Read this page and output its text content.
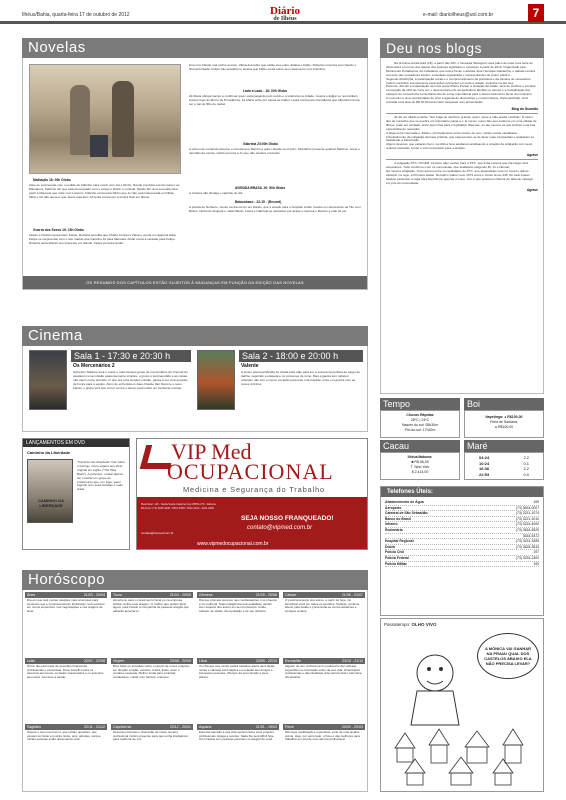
Ilhéus/Bahia, quarta-feira 17 de outubro de 2012	Diário
de Ilhéus
e-mail: diarioilheus@uol.com.br	7
Novelas
Malhação 18: 00h Globo
Alice se surpreende com o pedido de Fabinho para morar com ela e Dinho. Nando convida Lorenzo para ir ao Marcianos. Fabinho diz que está preocupado com o amigo e Dinho o consola. Nando faz uma serenata para pedir a Manuela que volte com Lorenzo. Fabinho conta para Dinho que Jo não está interessada em Nilda. Tabá e Gil não querem que Jesus seja ator. Gil tenta convencer a irmã a ficar em Ilhéus.
Guerra dos Sexos 19: 15h Globo
Otávio e Charlô repreendem Felipe. Roberta acredita que Charlô comprou Vânia e vende em agência falsa. Felipe se surpreende com o seu marido que Caroline foi para Manuela. Analú conta a verdade para Felipe. Roberta tenta distrair seu interesse em Nando. Felipe percebe Analú.
lima com Nando sua verba recente. Vânia descobre que estão eles entre Juliana e Fábio. Roberta conversa com Nando e fica perturbada. Felipe não acredita no boatos que Fábio conta sobre seu casamento com Carolina.
Lado a Lado - 18: 00h Globo
Zé Maria obriga Caniço a confirmar quem está pagando pelo tecido e a violência na cidade. Guerra e Edgar se reconciliam. Caniço fogo do Morro da Providência. Zé Maria sofre por causa de Isabel. Laura conta para Constância que Albertinho tenta ser o pai do filho de Isabel.
Gabriela 23:00h Globo
A ordem de comando assume e Gerusa que Ramiro é quem decide seu futuro. Mundinho presente quebrar Malvina. Jessé e demitido da escola. Glória procura a Jo que não renders conteúdo.
AVENIDA BRASIL 20: 50h Globo
A criatura não divulga o capítulo do dia
Balacobaco - 22:15 - (Record)
A polícia de Norberto, Gente centra na rim em Danilo, que é levado para o hospital. Arthur recebe um documento de Tito com Beline. Norberto atropela e mata Danilo. Laura e Gabriela se assustam por acaso e Gerusa e Ramiro a criar lei ser.
OS RESUMOS DOS CAPÍTULOS ESTÃO SUJEITOS À MUDANÇAS EM FUNÇÃO DA EDIÇÃO DAS NOVELAS
Cinema
Sala 1 - 17:30 e 20:30 h
Os Mercenários 2
Sylvester Stallone leva o maior e mais famoso grupo de mercenários do cinema! Ao aceitarem uma missão aparentemente simples, o grupo é surpreendido e as coisas não saem como previsto. O que era uma simples missão, passa a ser uma questão de honra para a equipe. Além de enfrentarem Jean-Claude Van Damme e seus bando, o grupo terá que correr contra o tempo para evitar um incidente nuclear.
Sala 2 - 18:00 e 20:00 h
Valente
A jovem princesa Mérida foi criada pela mãe para ser a sucessora perfeita ao cargo de rainha, seguindo a etiqueta e os costumes do reino. Mas a garota tem cabelos rebeldes não tem a menor vocação para este rota traçada, entre em guerra com as povos vizinhos.
LANÇAMENTOS EM DVD
Caminho da Liberdade
CAMINHO DA LIBERDADE
"Caminho da Liberdade" traz sobre o inimigo, como sugere seu título original em inglês ("The Way Back"). A princípio, o ideal parece ser mostrar um grupo de prisioneiros que, em fuga, saem fugindo com suas famílias e suas vidas.
VIP Med
OCUPACIONAL
Medicina e Segurança do Trabalho
Rua Fleuri, 123 - Santa Santa Catarina Cep 45653-470 - Itabuna-BA Fone: (73) 3025-4300 / 3601-6350 / 3612-4100 - 3221-2000
contato@vipmed.com.br
SEJA NOSSO FRANQUEADO!
contato@vipmed.com.br
www.vipmedocupacional.com.br
Horóscopo
Áries	21/03 - 20/04
Dia em que terá muitas relações mais amorosas para possíveis que e compreendendo. Entretanto, terá sucesso em novos empenhos, nas negociações e nas viagens de lazer.
Touro	21/04 - 20/05
Há terreno para o crescimento fiscal ou na empresa festiva, tenha mais aragem. O melhor que podem fazer agora, para buscar a companhia de pessoas amigas que saberão apreciar-lo.
Gêmeos	21/05 - 20/06
Dia que promete sucesso nas manifestações, nos projetos e na melhoria. Suas inteligência terá qualidade, devido bom aspecto dos astros em seu horóscopo. Cuide, todavia, de saúde, da reputação e de seu dinheiro.
Câncer	21/06 - 21/07
O posicionamento dos astros, a partir de hoje, irá beneficiar você em todos os sentidos. Todavia, continue atento pela saúde e prevenindo-se contra acidentes e inimigos ocultos.
Leão	22/07 - 22/08
Ótimo dia para tratar de questões financeiras, profissionais e executivas. Fluxo benéfico para os assuntos amorosos, os ideais ocasionados e os assuntos amorosos. Aumente a saúde.
Virgem	23/08 - 22/09
Bom fazer ou sucedido sobre o estudo de novos projetos, em direção venção, estudos, testes, listas, amor e contatos pessoais. Melhor ainda para contratar vendedores, cuidar com bancos, endosso.
Libra	23/09 - 22/10
Um dia que sua mente estará bastante alerta para idéias novas e valiosas informações em relação aos amigos e interesses pessoais. Oferece da sua intuição e seus planos.
Escorpião	23/10 - 21/11
Alguém do seu conhecimento poderá lhe dar valiosas sugestões na orientação sobre da sua vida. Orientações profissionais e das idealistas vida sentimental e harmonia domésticos.
Sagitário	22/11 - 21/12
Supere o seu mau humor, que evitam questões, que possam terminar em atrás. Evite, pois, atitudes, porque muitas pessoas estão observando você.
Capricórnio	22/12 - 20/01
Pessoas próximas e chamarão de nosso social e profissional místico presente para que tenha inteligência para melhorar de vez.
Aquário	21/01 - 19/02
Especial atenção a sua vida sentimental e seus projetos profissionais. Esteja a receber. Nada lhe será difícil hoje. Os contatos com pessoas permitem conseguir de você.
Peixe	20/02 - 20/03
Não faça modificações repentinas, evite de uma análise prévia. Hoje, por outro lado, o fluxo é das melhores para trabalhar em prol de sua carreira profissional.
Deu nos blogs
Na próxima quinta-feira (18), a partir das 20h, o Vereador Bobeguim será palco de mais uma série de discussões em torno dos apoios dos poderes legislativo e executivo a partir de 2013. Organizado pelo Movimento Portalsenior da Cidadania, que terá a frente o ativista José Henrique Ataídenha, o debate reunirá cerca de dez vereadores eleitos, sociedade organizada e representantes do poder público.
Segundo Abobrinha, a participação social e o comprometimento da prefeitura e da câmara de vereadores podem contribuir imensamente para ações referentes em toda a cidade, inclusive na até sua.
Para ele, discutir a implantação da nova ponte Ilhéus-Pontal, a situação da saúde, taxa de creches e escolas, concepção da UPA do zona sul, o desenvolvimento da agricultura familiar no campo e a revitalização dos espaços de convivência comunitária são de suma importância para o desenvolvimento pleno do município.
O encontro é uma oportunidade de criar a agenda de discussões e compromissos. Para participar, será cobrada uma taxa de R$ 30,00 para cobrir despesas com alimentação.
Blog do Gusmão
Já diz um ditado popular: "Em briga de cachorro grande, quem mexe a mão acaba mordido". É trazer tipo de conselho que se quebra um importante papel a o. E mexer, como fato que estamos em uma cidade de Ilhéus, pode ser verdade, entre quem fica para o legislativo Ilheense, ou até mesmo os que tenham uma boa expectativa de reeleição.
A briga entre Carmelita e Juliano, principalmente entre campo de som, várias outras candidatos, principalmente da coligação da base prefeita, que esqueceram-se de fazer suas campanhas e acabaram se dedicando a transcrição.
Alguns deveras, que estavam bem, na última hora acabaram analisando a votação da coligação com seus redutos eleitorais, frente o voto necessário para a eleição.
Agrave
A coligação PTC / PCdoB, irá fazer algo melhor para o PTC, que tinha certeza que iria eleger dois vereadores. Tudo confirmou com os comunistas, que acabaram elegendo Dr. Jó e Nerival.
Na mesma coligação, Tudo somou entre os candidatos do PTC, que desputaram voto no mesmo reduto eleitoral, na rege, a Primeira Isabel. No bairro Juarez teve 1074 votos e Júnior levou 445. No total Juarez acabou perdendo a vaga para Nerival por apenas 4 votos. Isso é que podemos chamar de fatia de rubesgo em prol do comunidade.
Agrave
Tempo
Chuvas Rápidas
28ºC | 24ºC
Nascer do sol: 05h30m
Pôr-do-sol: 17h32m
Boi
Itapetinga: ● R$100,00
Feira de Santana:
● R$100,00
Cacau
Ilhéus/Itabuna:
■ R$ 66,00
T. New York
$ 2.414,00
Maré
04:24	2.2
10:24	0.1
16:36	2.2
22:53	0.0
Telefones Úteis:
Abastecimento de Água	195
Aeroporto	(73) 3634-0007
Catedral de São Sebastião	(73) 3231-1074
Banco do Brasil	(73) 3221-1010
Infraero	(73) 3234-4000
Rodoviária	(73) 3634-5525
3634-5372
Hospital Regional	(73) 3231-3355
Dobrá	(73) 3628-3815
Polícia Civil	197
Polícia Federal	(73) 3234-2300
Polícia Militar	190
Passatempo: OLHO VIVO
A MÔNICA VAI GANHAR NA PRAIA! QUAL DOS CASTELOS ABAIXO ELA NÃO PRECISA LEVAR?
